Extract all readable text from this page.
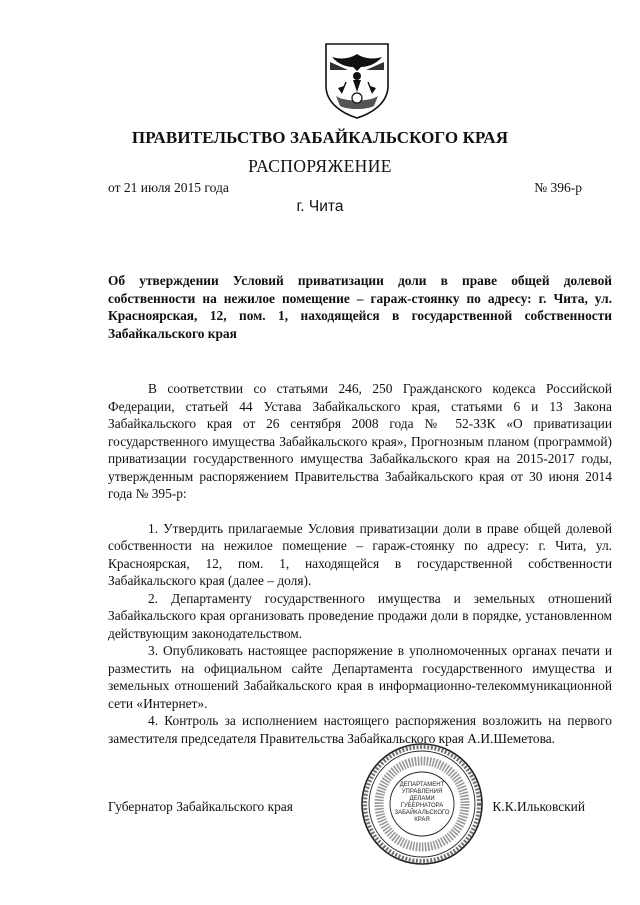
ПРАВИТЕЛЬСТВО ЗАБАЙКАЛЬСКОГО КРАЯ
РАСПОРЯЖЕНИЕ
от 21 июля 2015 года	№ 396-р
г. Чита

Об утверждении Условий приватизации доли в праве общей долевой собственности на нежилое помещение – гараж-стоянку по адресу: г. Чита, ул. Красноярская, 12, пом. 1, находящейся в государственной собственности Забайкальского края

В соответствии со статьями 246, 250 Гражданского кодекса Российской Федерации, статьей 44 Устава Забайкальского края, статьями 6 и 13 Закона Забайкальского края от 26 сентября 2008 года № 52-ЗЗК «О приватизации государственного имущества Забайкальского края», Прогнозным планом (программой) приватизации государственного имущества Забайкальского края на 2015-2017 годы, утвержденным распоряжением Правительства Забайкальского края от 30 июня 2014 года № 395-р:

1. Утвердить прилагаемые Условия приватизации доли в праве общей долевой собственности на нежилое помещение – гараж-стоянку по адресу: г. Чита, ул. Красноярская, 12, пом. 1, находящейся в государственной собственности Забайкальского края (далее – доля).

2. Департаменту государственного имущества и земельных отношений Забайкальского края организовать проведение продажи доли в порядке, установленном действующим законодательством.

3. Опубликовать настоящее распоряжение в уполномоченных органах печати и разместить на официальном сайте Департамента государственного имущества и земельных отношений Забайкальского края в информационно-телекоммуникационной сети «Интернет».

4. Контроль за исполнением настоящего распоряжения возложить на первого заместителя председателя Правительства Забайкальского края А.И.Шеметова.

Губернатор Забайкальского края
ДЕПАРТАМЕНТ
УПРАВЛЕНИЯ
ДЕЛАМИ
ГУБЕРНАТОРА
ЗАБАЙКАЛЬСКОГО
КРАЯ
К.К.Ильковский
